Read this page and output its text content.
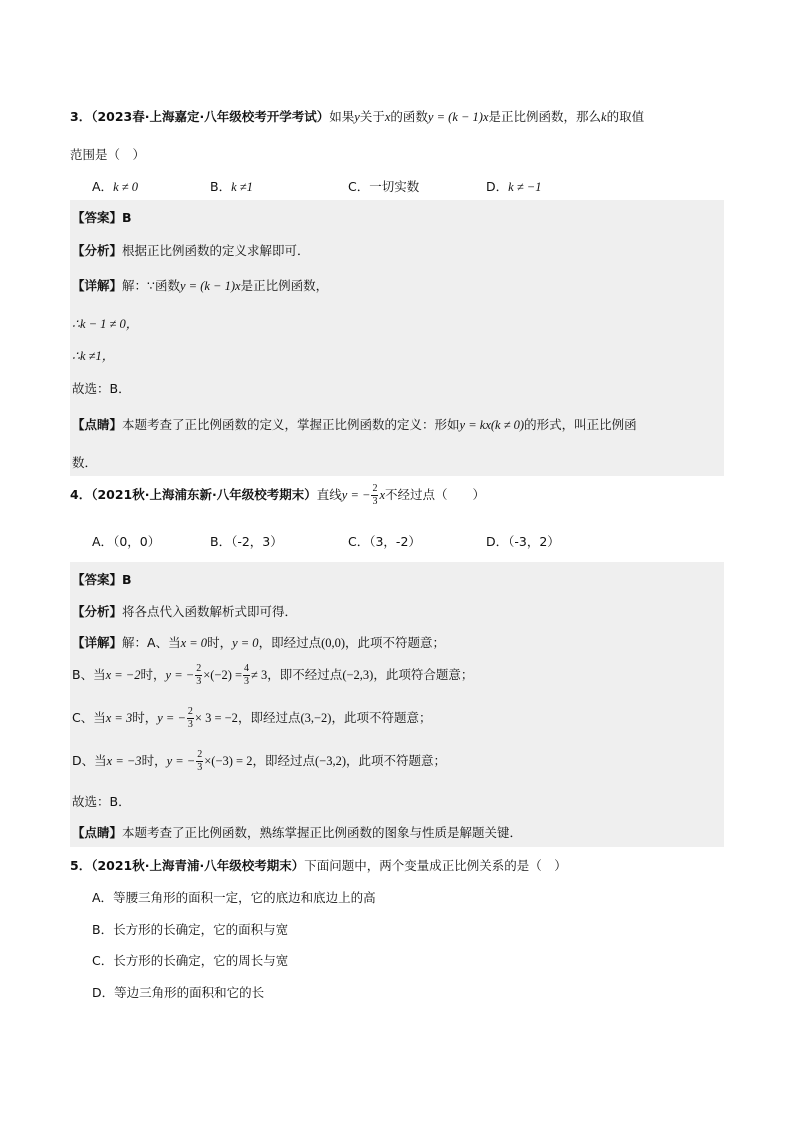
3．（2023春·上海嘉定·八年级校考开学考试）如果y关于x的函数y = (k − 1)x是正比例函数，那么k的取值
范围是（　）
A．k ≠ 0	B．k ≠1	C．一切实数	D．k ≠ −1
【答案】B
【分析】根据正比例函数的定义求解即可．
【详解】解：∵函数y = (k − 1)x是正比例函数，
∴k − 1 ≠ 0，
∴k ≠1，
故选：B．
【点睛】本题考查了正比例函数的定义，掌握正比例函数的定义：形如y = kx(k ≠ 0)的形式，叫正比例函
数．
4．（2021秋·上海浦东新·八年级校考期末）直线y = − $\frac{2}{3}$ x不经过点（　　）
A．（0，0）	B．（-2，3）	C．（3，-2）	D．（-3，2）
【答案】B
【分析】将各点代入函数解析式即可得．
【详解】解：A、当x = 0时，y = 0，即经过点(0,0)，此项不符题意；
B、当x = −2时，y = − $\frac{2}{3} \times(-2) = \frac{4}{3} \ne 3$，即不经过点(−2,3)，此项符合题意；
C、当x = 3时，y = − $\frac{2}{3} \times 3 = -2$，即经过点(3,−2)，此项不符题意；
D、当x = −3时，y = − $\frac{2}{3} \times(-3) = 2$，即经过点(−3,2)，此项不符题意；
故选：B．
【点睛】本题考查了正比例函数，熟练掌握正比例函数的图象与性质是解题关键．
5．（2021秋·上海青浦·八年级校考期末）下面问题中，两个变量成正比例关系的是（　）
A．等腰三角形的面积一定，它的底边和底边上的高
B．长方形的长确定，它的面积与宽
C．长方形的长确定，它的周长与宽
D．等边三角形的面积和它的长
